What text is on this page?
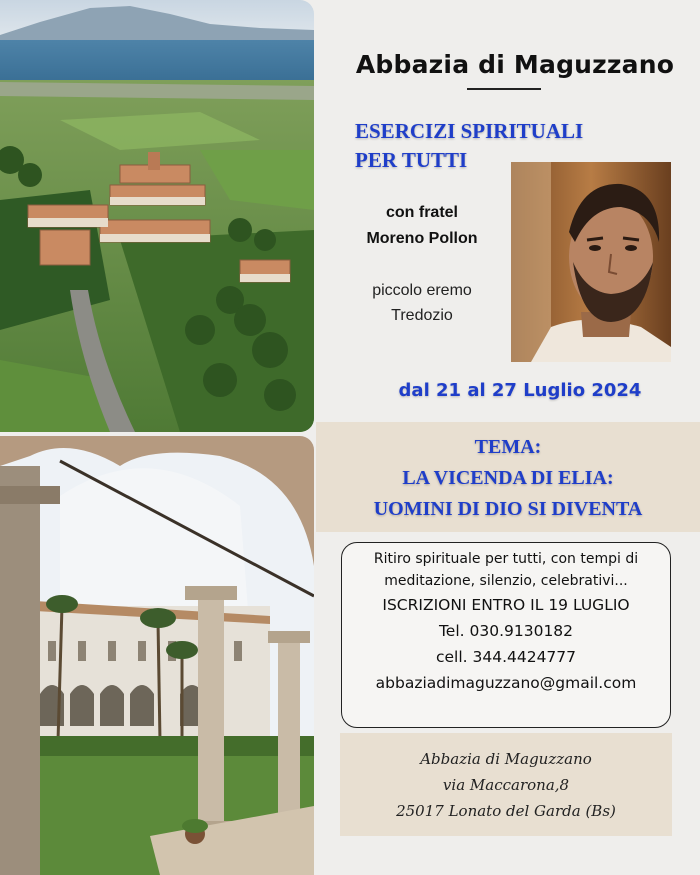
Abbazia di Maguzzano
ESERCIZI SPIRITUALI
PER TUTTI
con fratel
Moreno Pollon
piccolo eremo
Tredozio
dal 21 al 27 Luglio 2024
TEMA:
LA VICENDA DI ELIA:
UOMINI DI DIO SI DIVENTA
Ritiro spirituale per tutti, con tempi di
meditazione, silenzio, celebrativi...
ISCRIZIONI ENTRO IL 19 LUGLIO
Tel. 030.9130182
cell. 344.4424777
abbaziadimaguzzano@gmail.com
Abbazia di Maguzzano
via Maccarona,8
25017 Lonato del Garda (Bs)
